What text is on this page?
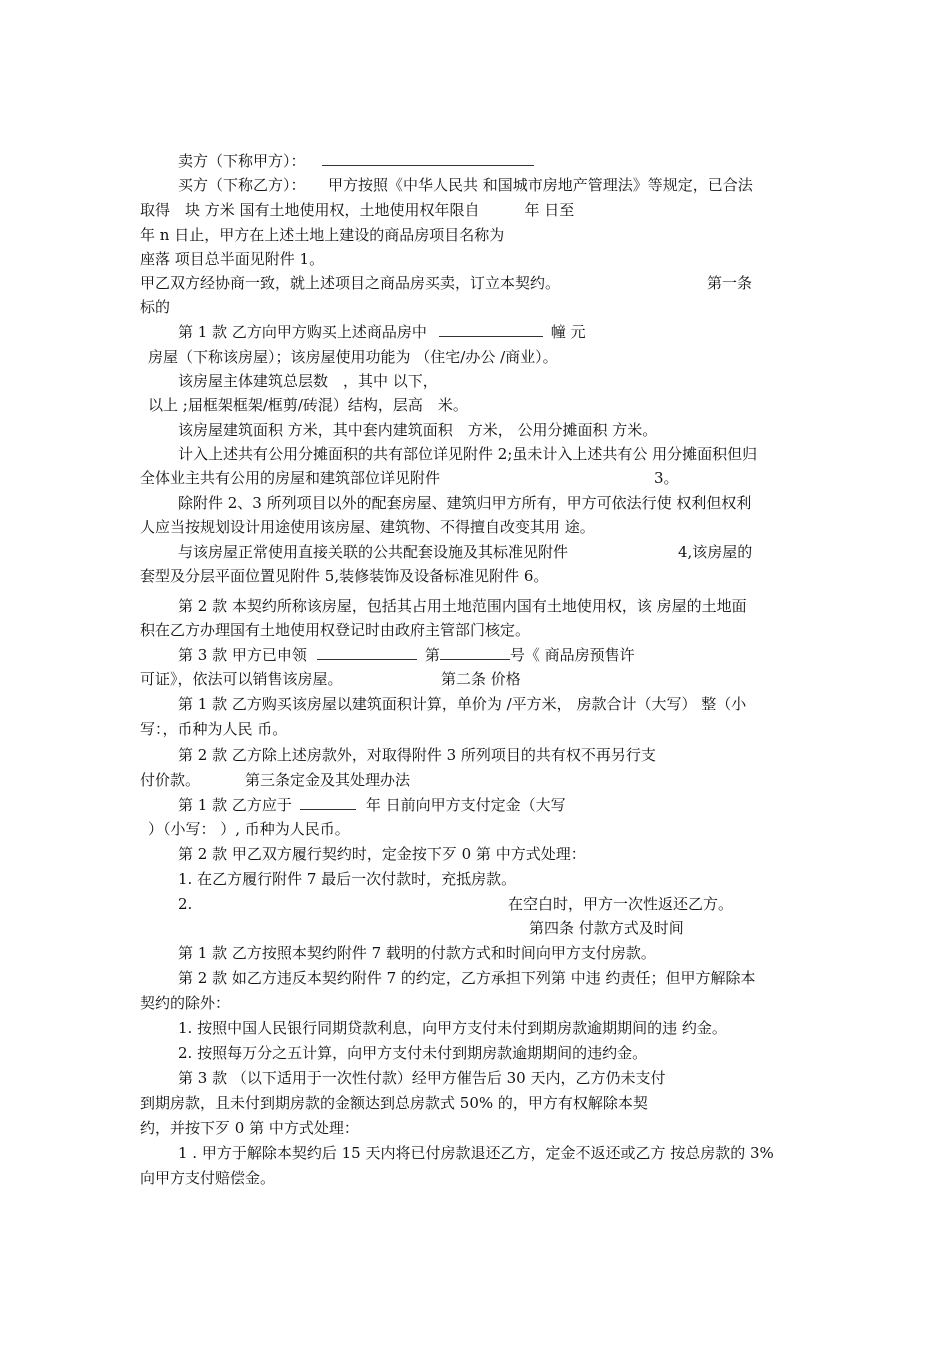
卖方（下称甲方）：
买方（下称乙方）：　　甲方按照《中华人民共 和国城市房地产管理法》等规定，已合法
取得　块 方米 国有土地使用权，土地使用权年限自　　　年 日至
年 n 日止，甲方在上述土地上建设的商品房项目名称为
座落 项目总半面见附件 1。
甲乙双方经协商一致，就上述项目之商品房买卖，订立本契约。	第一条
标的
第 1 款 乙方向甲方购买上述商品房中	幢 元
房屋（下称该房屋）；该房屋使用功能为 （住宅/办公 /商业）。
该房屋主体建筑总层数　，其中 以下，
以上 ;届框架框架/框剪/砖混）结构，层高　米。
该房屋建筑面积 方米，其中套内建筑面积　方米， 公用分摊面积 方米。
计入上述共有公用分摊面积的共有部位详见附件 2;虽未计入上述共有公 用分摊面积但归
全体业主共有公用的房屋和建筑部位详见附件	3。
除附件 2、3 所列项目以外的配套房屋、建筑归甲方所有，甲方可依法行使 权利但权利
人应当按规划设计用途使用该房屋、建筑物、不得擅自改变其用 途。
与该房屋正常使用直接关联的公共配套设施及其标准见附件	4,该房屋的
套型及分层平面位置见附件 5,装修装饰及设备标准见附件 6。
第 2 款 本契约所称该房屋，包括其占用土地范围内国有土地使用权，该 房屋的土地面
积在乙方办理国有土地使用权登记时由政府主管部门核定。
第 3 款 甲方已申领	第	号《 商品房预售许
可证》，依法可以销售该房屋。	第二条 价格
第 1 款 乙方购买该房屋以建筑面积计算，单价为 /平方米， 房款合计（大写） 整（小
写：，币种为人民 币。
第 2 款 乙方除上述房款外，对取得附件 3 所列项目的共有权不再另行支
付价款。	第三条定金及其处理办法
第 1 款 乙方应于	年 日前向甲方支付定金（大写
）（小写： ）, 币种为人民币。
第 2 款 甲乙双方履行契约时，定金按下歹 0 第 中方式处理：
1. 在乙方履行附件 7 最后一次付款时，充抵房款。
2.	在空白时，甲方一次性返还乙方。
第四条 付款方式及时间
第 1 款 乙方按照本契约附件 7 载明的付款方式和时间向甲方支付房款。
第 2 款 如乙方违反本契约附件 7 的约定，乙方承担下列第 中违 约责任；但甲方解除本
契约的除外：
1. 按照中国人民银行同期贷款利息，向甲方支付未付到期房款逾期期间的违 约金。
2. 按照每万分之五计算，向甲方支付未付到期房款逾期期间的违约金。
第 3 款 （以下适用于一次性付款）经甲方催告后 30 天内，乙方仍未支付
到期房款，且未付到期房款的金额达到总房款式 50% 的，甲方有权解除本契
约，并按下歹 0 第 中方式处理：
1 . 甲方于解除本契约后 15 天内将已付房款退还乙方，定金不返还或乙方 按总房款的 3%
向甲方支付赔偿金。
